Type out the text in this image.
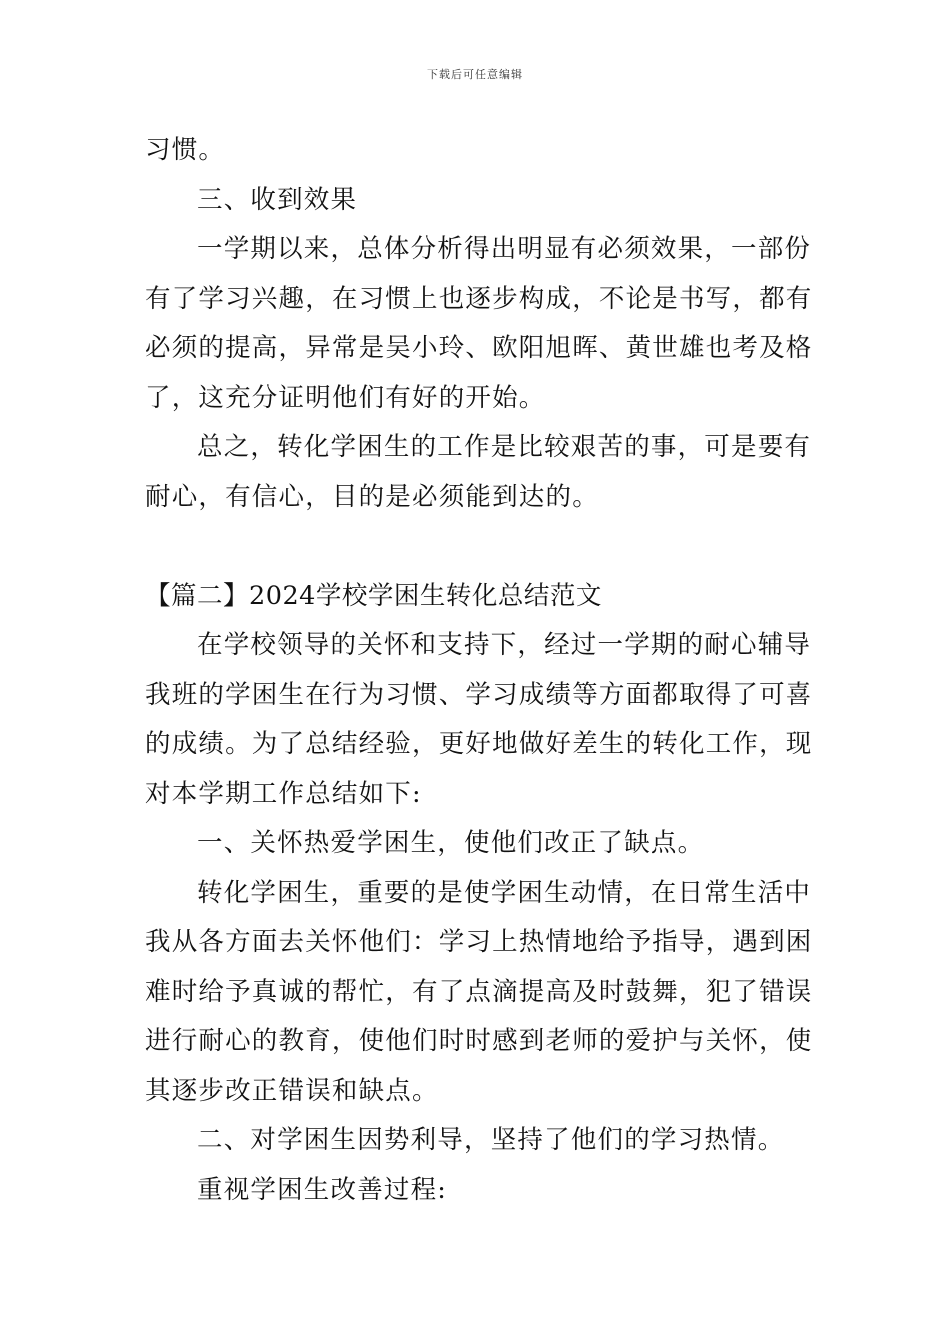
下载后可任意编辑
习惯。
三、收到效果
一学期以来，总体分析得出明显有必须效果，一部份
有了学习兴趣，在习惯上也逐步构成，不论是书写，都有
必须的提高，异常是吴小玲、欧阳旭晖、黄世雄也考及格
了，这充分证明他们有好的开始。
总之，转化学困生的工作是比较艰苦的事，可是要有
耐心，有信心，目的是必须能到达的。
【篇二】2024学校学困生转化总结范文
在学校领导的关怀和支持下，经过一学期的耐心辅导
我班的学困生在行为习惯、学习成绩等方面都取得了可喜
的成绩。为了总结经验，更好地做好差生的转化工作，现
对本学期工作总结如下:
一、关怀热爱学困生，使他们改正了缺点。
转化学困生，重要的是使学困生动情，在日常生活中
我从各方面去关怀他们：学习上热情地给予指导，遇到困
难时给予真诚的帮忙，有了点滴提高及时鼓舞，犯了错误
进行耐心的教育，使他们时时感到老师的爱护与关怀，使
其逐步改正错误和缺点。
二、对学困生因势利导，坚持了他们的学习热情。
重视学困生改善过程:
